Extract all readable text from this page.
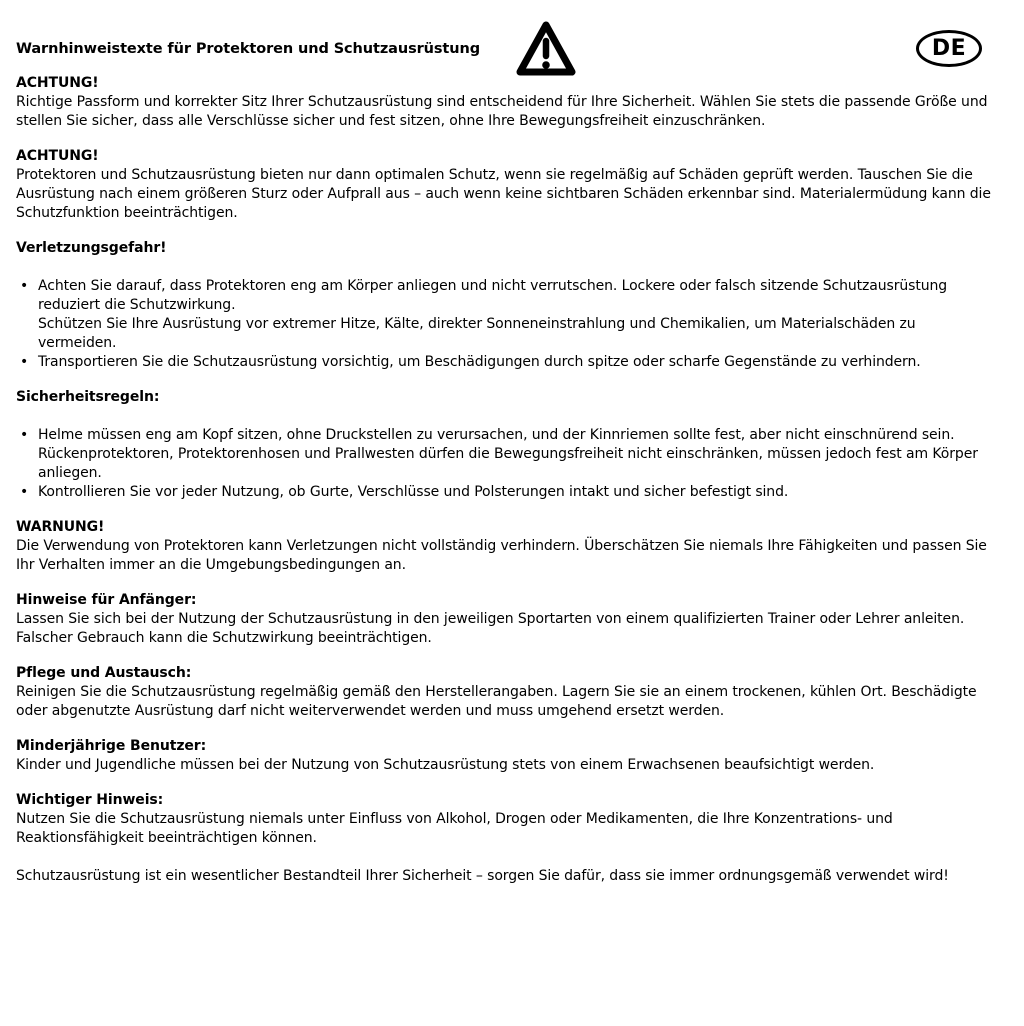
Warnhinweistexte für Protektoren und Schutzausrüstung	DE
ACHTUNG!

Richtige Passform und korrekter Sitz Ihrer Schutzausrüstung sind entscheidend für Ihre Sicherheit. Wählen Sie stets die passende Größe und stellen Sie sicher, dass alle Verschlüsse sicher und fest sitzen, ohne Ihre Bewegungsfreiheit einzuschränken.

ACHTUNG!

Protektoren und Schutzausrüstung bieten nur dann optimalen Schutz, wenn sie regelmäßig auf Schäden geprüft werden. Tauschen Sie die Ausrüstung nach einem größeren Sturz oder Aufprall aus – auch wenn keine sichtbaren Schäden erkennbar sind. Materialermüdung kann die Schutzfunktion beeinträchtigen.

Verletzungsgefahr!
• Achten Sie darauf, dass Protektoren eng am Körper anliegen und nicht verrutschen. Lockere oder falsch sitzende Schutzausrüstung reduziert die Schutzwirkung.
Schützen Sie Ihre Ausrüstung vor extremer Hitze, Kälte, direkter Sonneneinstrahlung und Chemikalien, um Materialschäden zu vermeiden.
• Transportieren Sie die Schutzausrüstung vorsichtig, um Beschädigungen durch spitze oder scharfe Gegenstände zu verhindern.
Sicherheitsregeln:
• Helme müssen eng am Kopf sitzen, ohne Druckstellen zu verursachen, und der Kinnriemen sollte fest, aber nicht einschnürend sein.
Rückenprotektoren, Protektorenhosen und Prallwesten dürfen die Bewegungsfreiheit nicht einschränken, müssen jedoch fest am Körper anliegen.
• Kontrollieren Sie vor jeder Nutzung, ob Gurte, Verschlüsse und Polsterungen intakt und sicher befestigt sind.
WARNUNG!

Die Verwendung von Protektoren kann Verletzungen nicht vollständig verhindern. Überschätzen Sie niemals Ihre Fähigkeiten und passen Sie Ihr Verhalten immer an die Umgebungsbedingungen an.

Hinweise für Anfänger:

Lassen Sie sich bei der Nutzung der Schutzausrüstung in den jeweiligen Sportarten von einem qualifizierten Trainer oder Lehrer anleiten. Falscher Gebrauch kann die Schutzwirkung beeinträchtigen.

Pflege und Austausch:

Reinigen Sie die Schutzausrüstung regelmäßig gemäß den Herstellerangaben. Lagern Sie sie an einem trockenen, kühlen Ort. Beschädigte oder abgenutzte Ausrüstung darf nicht weiterverwendet werden und muss umgehend ersetzt werden.

Minderjährige Benutzer:

Kinder und Jugendliche müssen bei der Nutzung von Schutzausrüstung stets von einem Erwachsenen beaufsichtigt werden.

Wichtiger Hinweis:

Nutzen Sie die Schutzausrüstung niemals unter Einfluss von Alkohol, Drogen oder Medikamenten, die Ihre Konzentrations- und Reaktionsfähigkeit beeinträchtigen können.

Schutzausrüstung ist ein wesentlicher Bestandteil Ihrer Sicherheit – sorgen Sie dafür, dass sie immer ordnungsgemäß verwendet wird!
